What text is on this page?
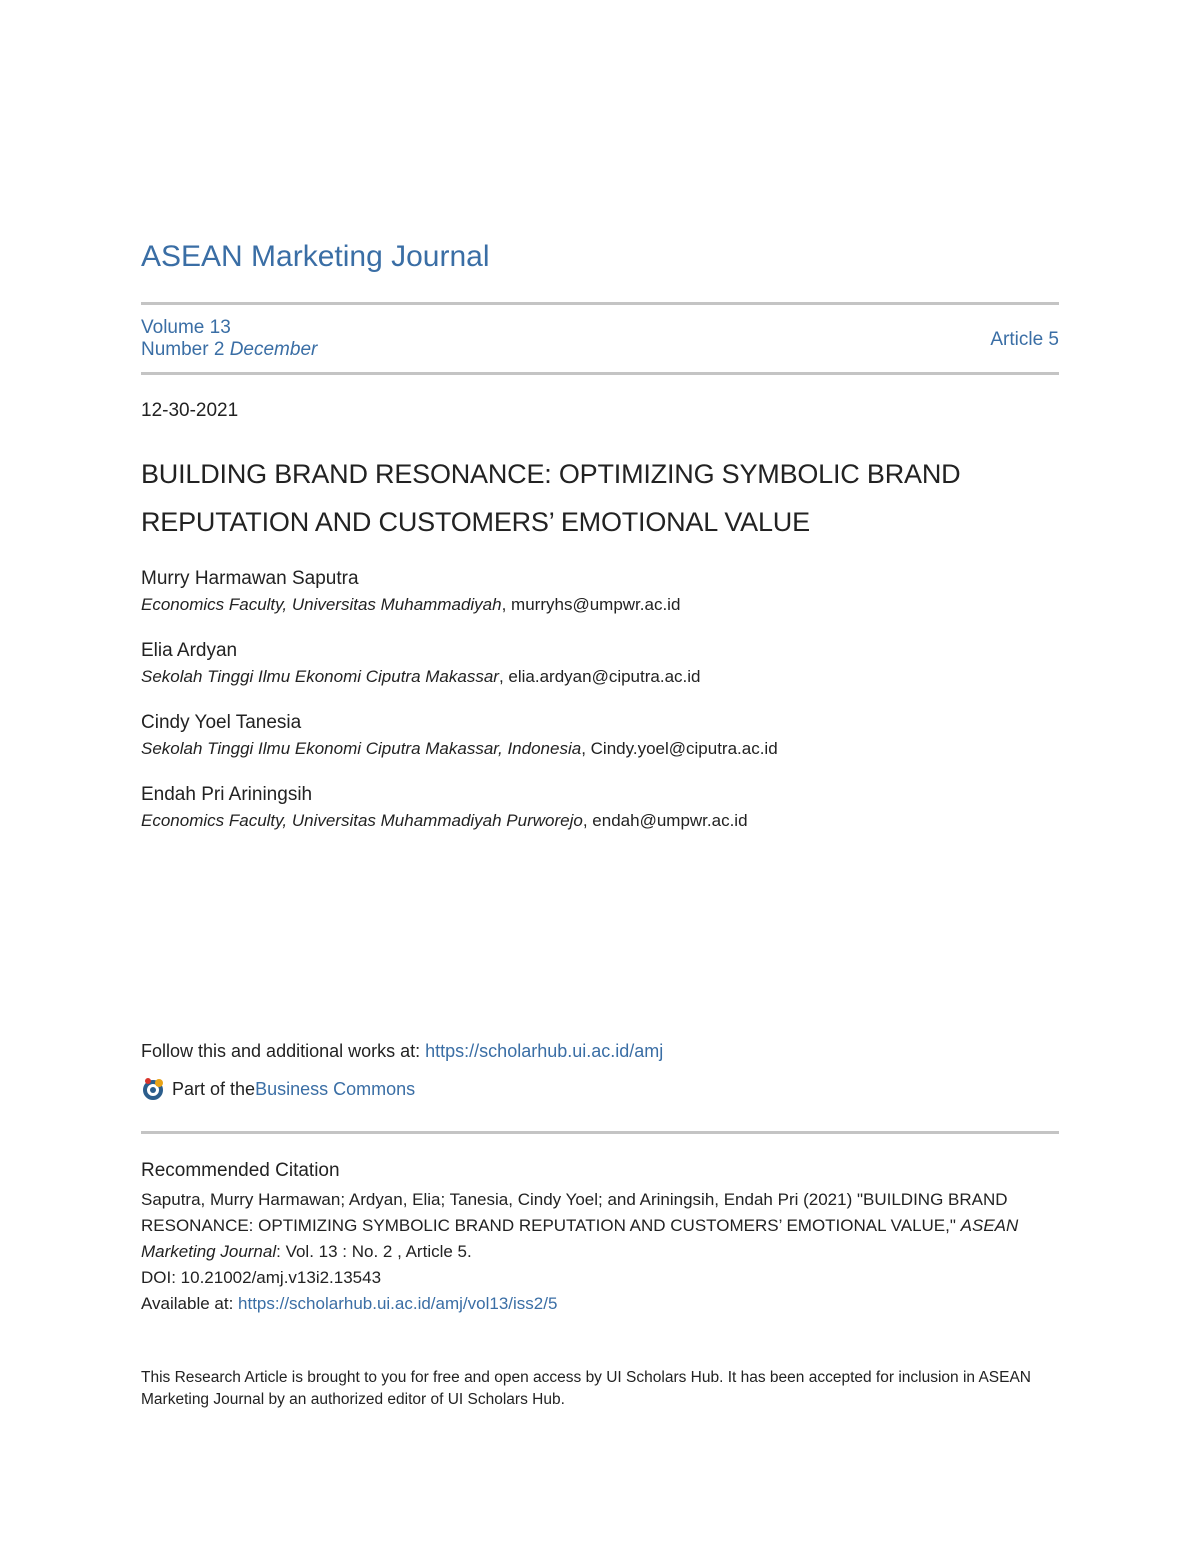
ASEAN Marketing Journal
Volume 13
Number 2 December	Article 5
12-30-2021
BUILDING BRAND RESONANCE: OPTIMIZING SYMBOLIC BRAND REPUTATION AND CUSTOMERS’ EMOTIONAL VALUE
Murry Harmawan Saputra
Economics Faculty, Universitas Muhammadiyah, murryhs@umpwr.ac.id
Elia Ardyan
Sekolah Tinggi Ilmu Ekonomi Ciputra Makassar, elia.ardyan@ciputra.ac.id
Cindy Yoel Tanesia
Sekolah Tinggi Ilmu Ekonomi Ciputra Makassar, Indonesia, Cindy.yoel@ciputra.ac.id
Endah Pri Ariningsih
Economics Faculty, Universitas Muhammadiyah Purworejo, endah@umpwr.ac.id
Follow this and additional works at: https://scholarhub.ui.ac.id/amj
Part of the Business Commons
Recommended Citation
Saputra, Murry Harmawan; Ardyan, Elia; Tanesia, Cindy Yoel; and Ariningsih, Endah Pri (2021) "BUILDING BRAND RESONANCE: OPTIMIZING SYMBOLIC BRAND REPUTATION AND CUSTOMERS’ EMOTIONAL VALUE," ASEAN Marketing Journal: Vol. 13 : No. 2 , Article 5.
DOI: 10.21002/amj.v13i2.13543
Available at: https://scholarhub.ui.ac.id/amj/vol13/iss2/5
This Research Article is brought to you for free and open access by UI Scholars Hub. It has been accepted for inclusion in ASEAN Marketing Journal by an authorized editor of UI Scholars Hub.
